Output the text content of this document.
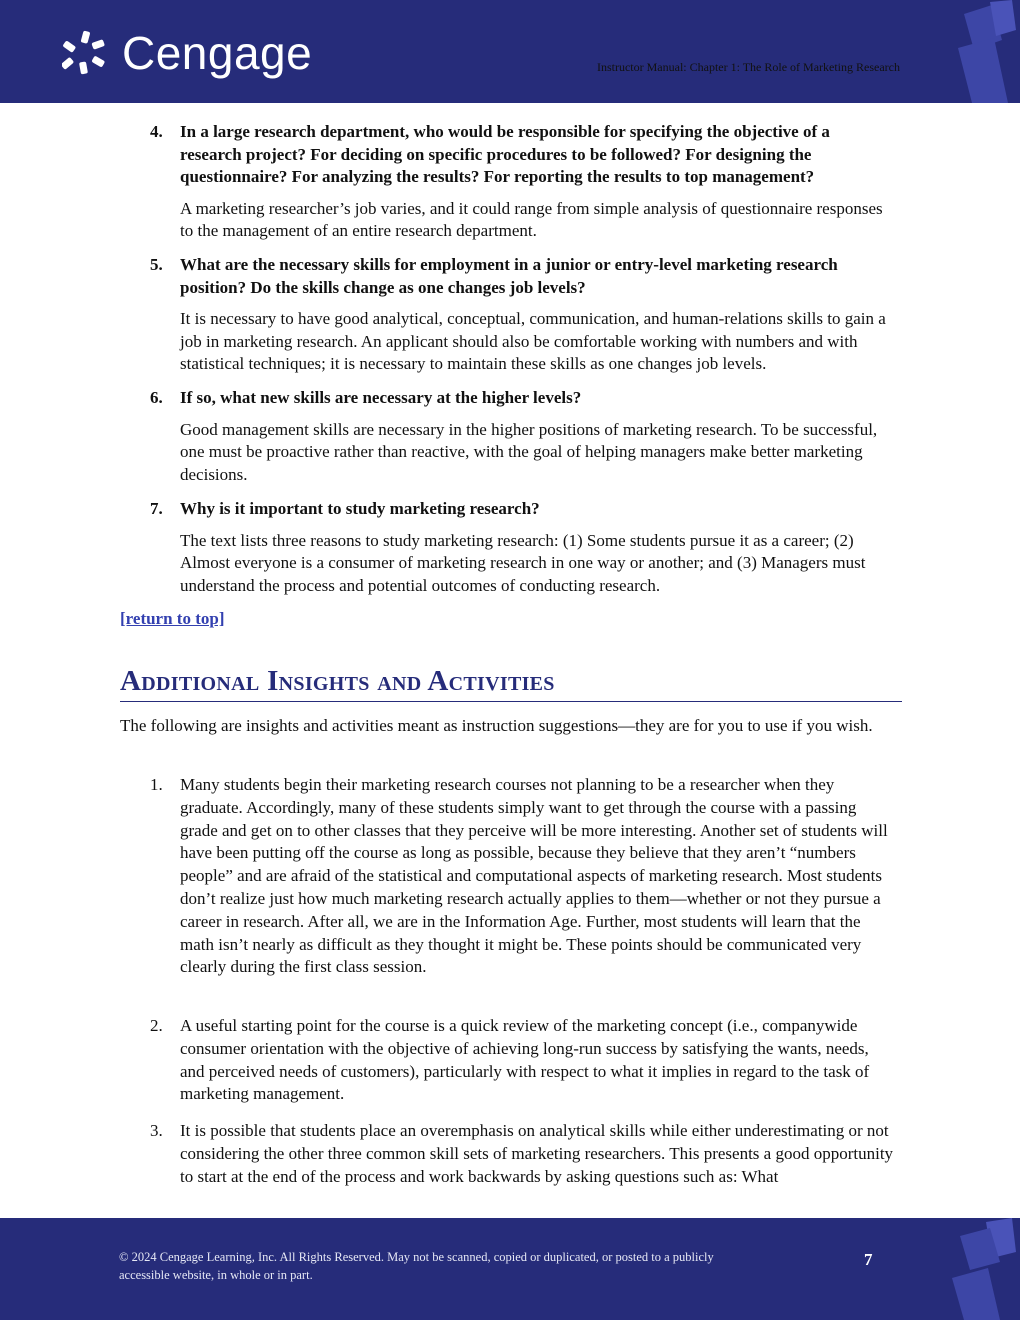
Cengage	Instructor Manual: Chapter 1: The Role of Marketing Research
4.	In a large research department, who would be responsible for specifying the objective of a research project? For deciding on specific procedures to be followed? For designing the questionnaire? For analyzing the results? For reporting the results to top management?
A marketing researcher’s job varies, and it could range from simple analysis of questionnaire responses to the management of an entire research department.
5.	What are the necessary skills for employment in a junior or entry-level marketing research position? Do the skills change as one changes job levels?
It is necessary to have good analytical, conceptual, communication, and human-relations skills to gain a job in marketing research. An applicant should also be comfortable working with numbers and with statistical techniques; it is necessary to maintain these skills as one changes job levels.
6.	If so, what new skills are necessary at the higher levels?
Good management skills are necessary in the higher positions of marketing research. To be successful, one must be proactive rather than reactive, with the goal of helping managers make better marketing decisions.
7.	Why is it important to study marketing research?
The text lists three reasons to study marketing research: (1) Some students pursue it as a career; (2) Almost everyone is a consumer of marketing research in one way or another; and (3) Managers must understand the process and potential outcomes of conducting research.
[return to top]
Additional Insights and Activities
The following are insights and activities meant as instruction suggestions—they are for you to use if you wish.
1.	Many students begin their marketing research courses not planning to be a researcher when they graduate. Accordingly, many of these students simply want to get through the course with a passing grade and get on to other classes that they perceive will be more interesting. Another set of students will have been putting off the course as long as possible, because they believe that they aren’t “numbers people” and are afraid of the statistical and computational aspects of marketing research. Most students don’t realize just how much marketing research actually applies to them—whether or not they pursue a career in research. After all, we are in the Information Age. Further, most students will learn that the math isn’t nearly as difficult as they thought it might be. These points should be communicated very clearly during the first class session.
2.	A useful starting point for the course is a quick review of the marketing concept (i.e., companywide consumer orientation with the objective of achieving long-run success by satisfying the wants, needs, and perceived needs of customers), particularly with respect to what it implies in regard to the task of marketing management.
3.	It is possible that students place an overemphasis on analytical skills while either underestimating or not considering the other three common skill sets of marketing researchers. This presents a good opportunity to start at the end of the process and work backwards by asking questions such as: What
© 2024 Cengage Learning, Inc. All Rights Reserved. May not be scanned, copied or duplicated, or posted to a publicly accessible website, in whole or in part.
7
